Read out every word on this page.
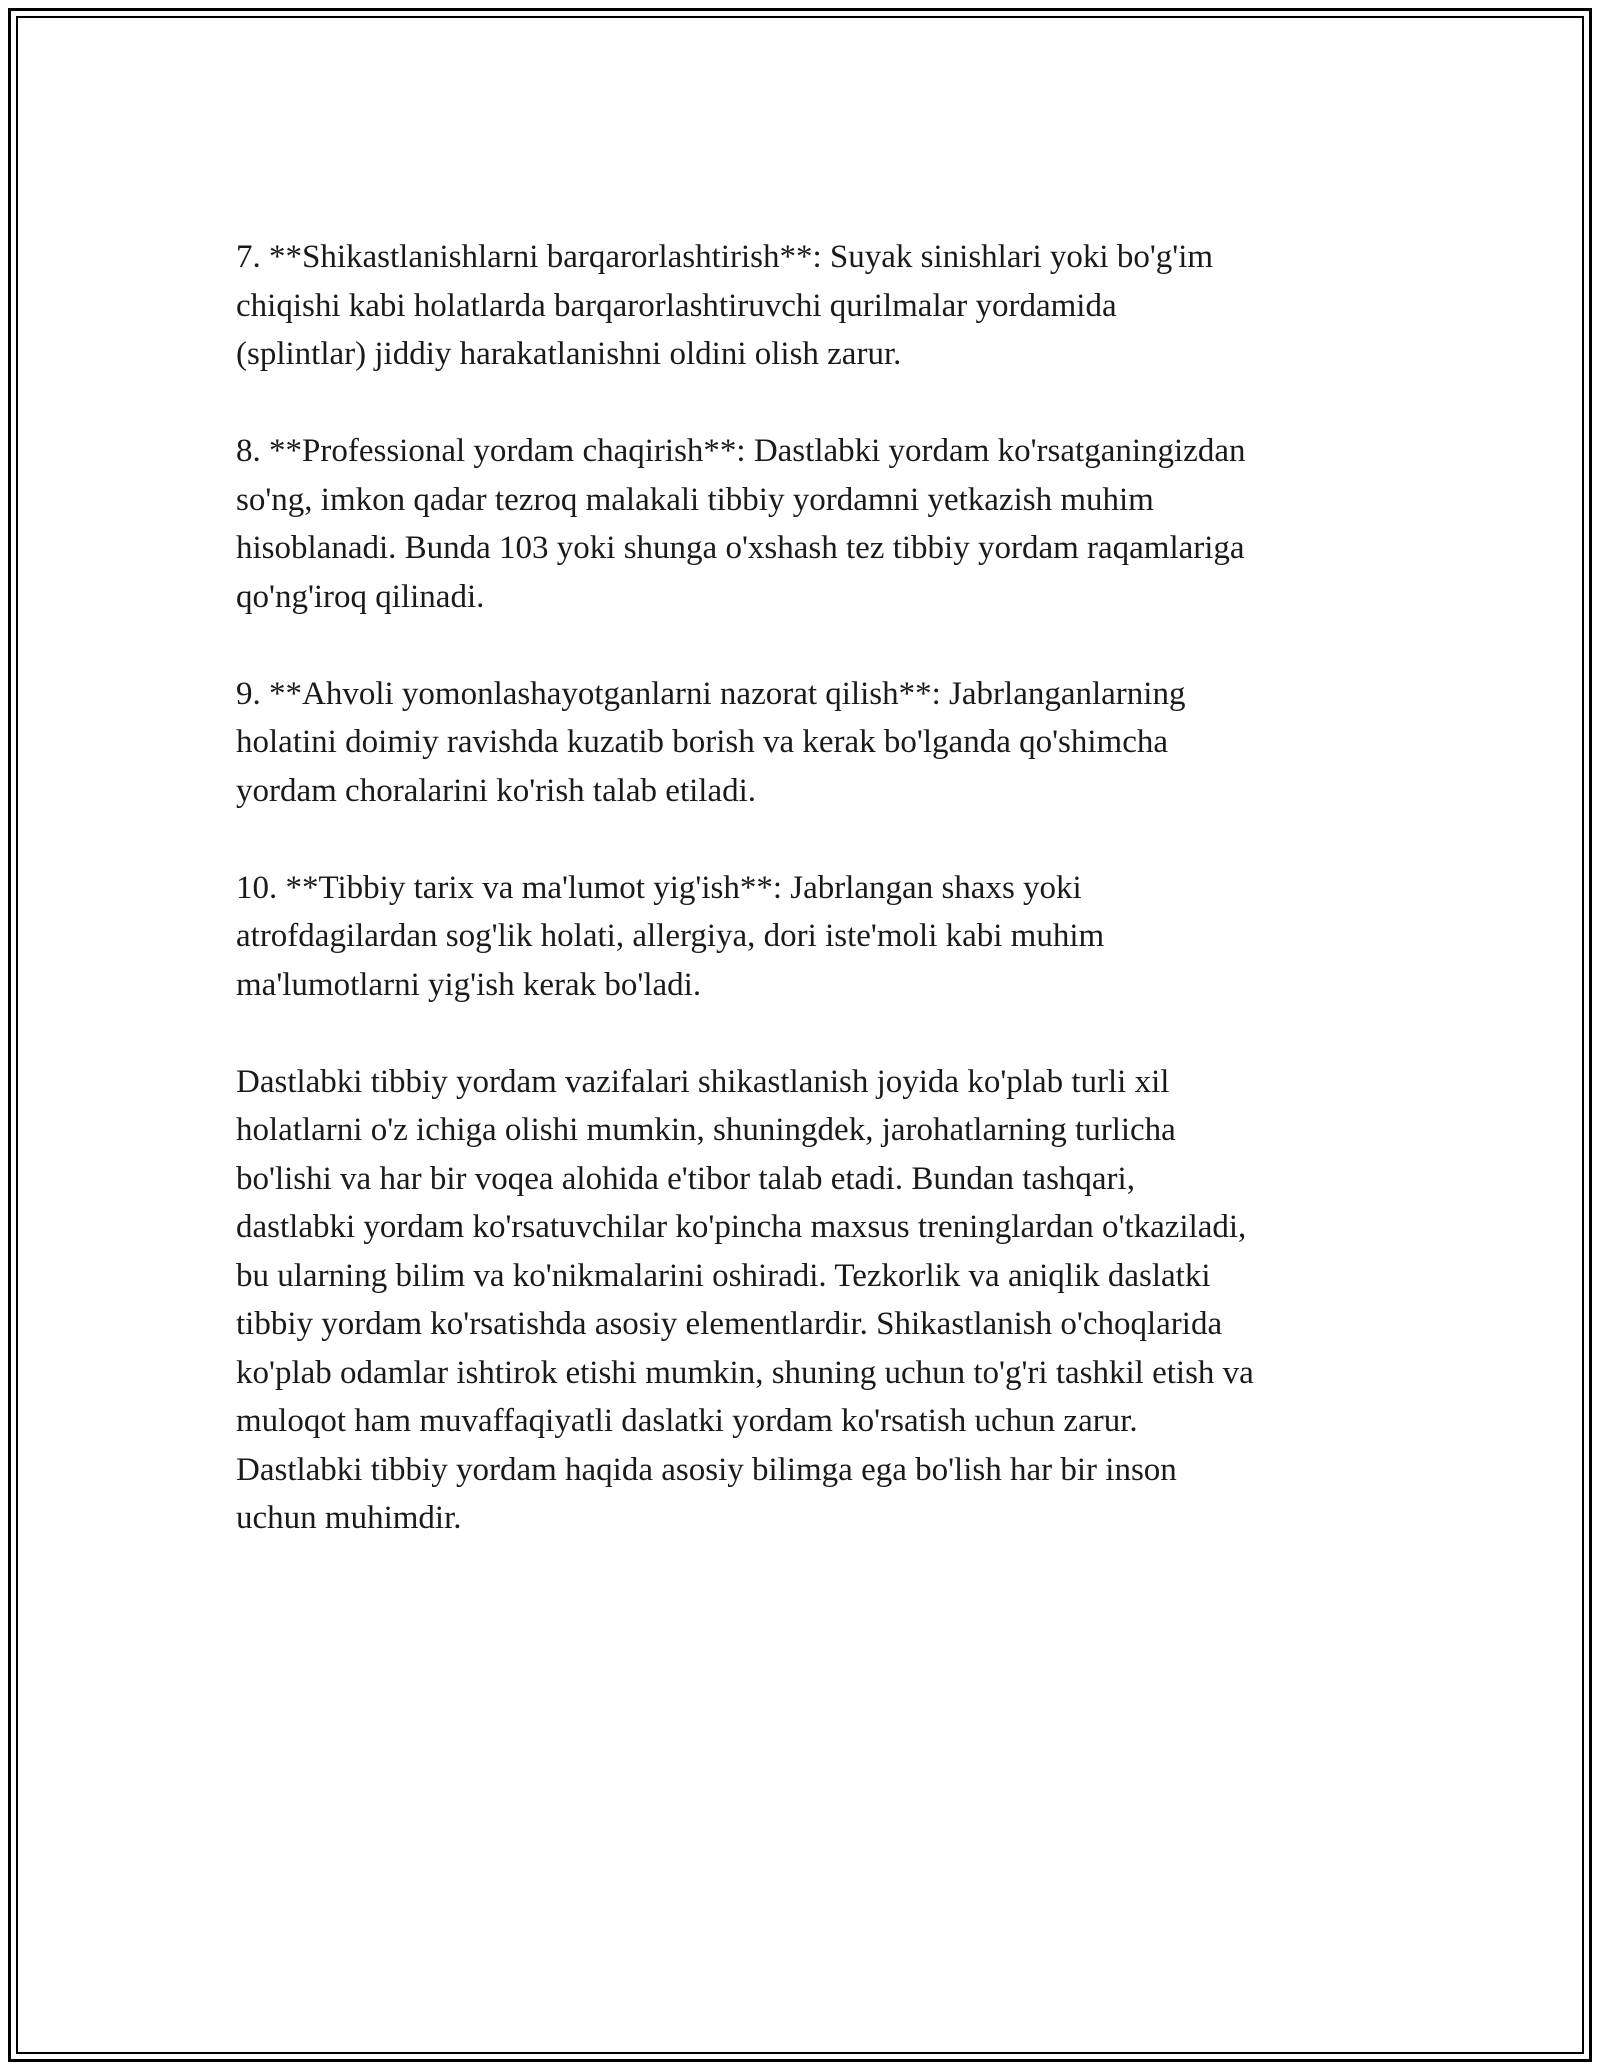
7. **Shikastlanishlarni barqarorlashtirish**: Suyak sinishlari yoki bo'g'im
chiqishi kabi holatlarda barqarorlashtiruvchi qurilmalar yordamida
(splintlar) jiddiy harakatlanishni oldini olish zarur.

8. **Professional yordam chaqirish**: Dastlabki yordam ko'rsatganingizdan
so'ng, imkon qadar tezroq malakali tibbiy yordamni yetkazish muhim
hisoblanadi. Bunda 103 yoki shunga o'xshash tez tibbiy yordam raqamlariga
qo'ng'iroq qilinadi.

9. **Ahvoli yomonlashayotganlarni nazorat qilish**: Jabrlanganlarning
holatini doimiy ravishda kuzatib borish va kerak bo'lganda qo'shimcha
yordam choralarini ko'rish talab etiladi.

10. **Tibbiy tarix va ma'lumot yig'ish**: Jabrlangan shaxs yoki
atrofdagilardan sog'lik holati, allergiya, dori iste'moli kabi muhim
ma'lumotlarni yig'ish kerak bo'ladi.

Dastlabki tibbiy yordam vazifalari shikastlanish joyida ko'plab turli xil
holatlarni o'z ichiga olishi mumkin, shuningdek, jarohatlarning turlicha
bo'lishi va har bir voqea alohida e'tibor talab etadi. Bundan tashqari,
dastlabki yordam ko'rsatuvchilar ko'pincha maxsus treninglardan o'tkaziladi,
bu ularning bilim va ko'nikmalarini oshiradi. Tezkorlik va aniqlik daslatki
tibbiy yordam ko'rsatishda asosiy elementlardir. Shikastlanish o'choqlarida
ko'plab odamlar ishtirok etishi mumkin, shuning uchun to'g'ri tashkil etish va
muloqot ham muvaffaqiyatli daslatki yordam ko'rsatish uchun zarur.
Dastlabki tibbiy yordam haqida asosiy bilimga ega bo'lish har bir inson
uchun muhimdir.
